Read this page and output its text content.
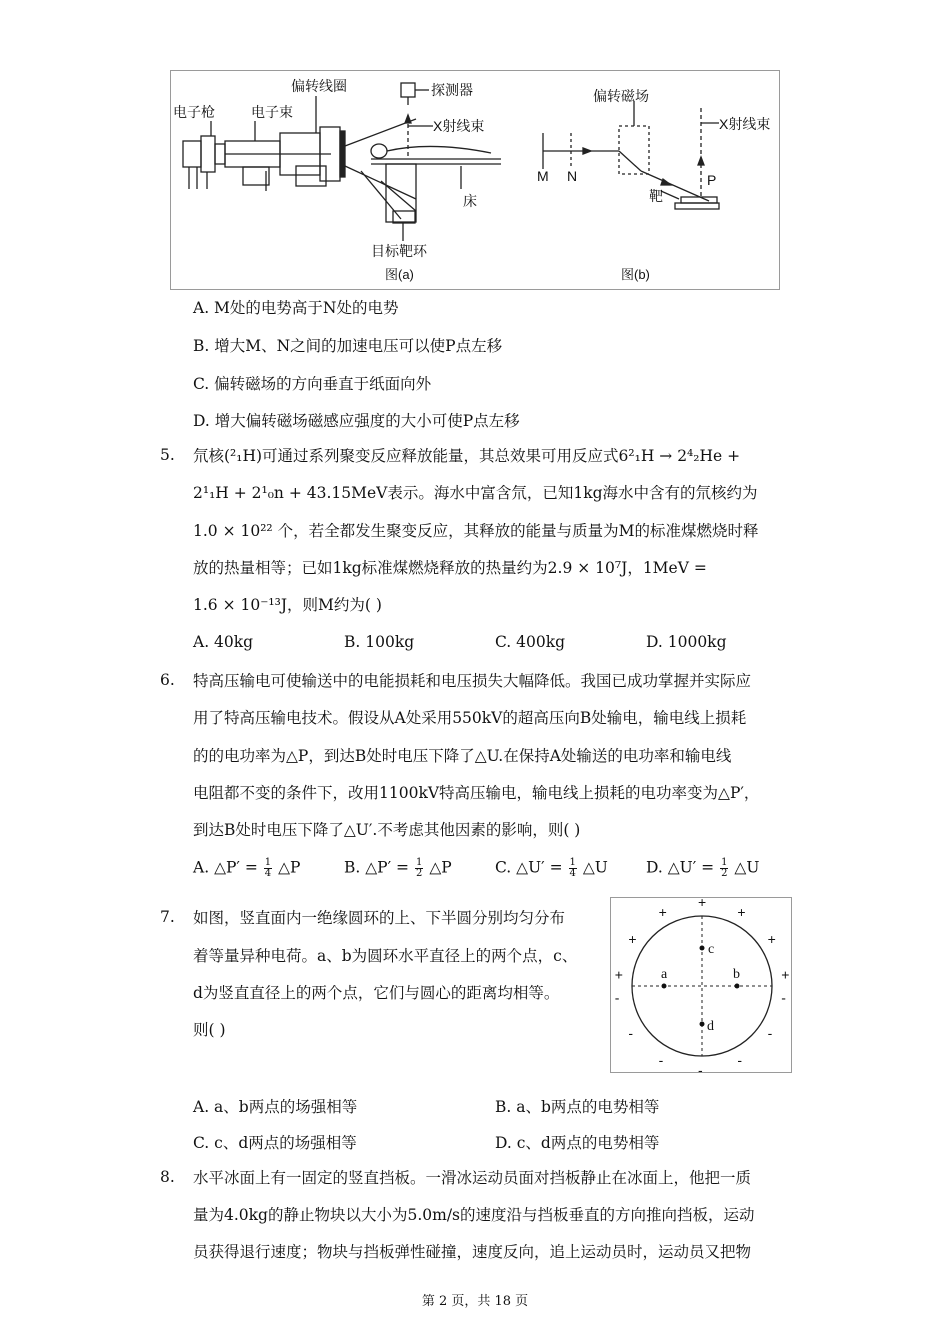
电子枪	电子束
偏转线圈	探测器
X射线束
床
目标靶环
图(a)
偏转磁场
X射线束
M N
靶
P
图(b)
A. M处的电势高于N处的电势
B. 增大M、N之间的加速电压可以使P点左移
C. 偏转磁场的方向垂直于纸面向外
D. 增大偏转磁场磁感应强度的大小可使P点左移
5. 氘核(²₁H)可通过系列聚变反应释放能量，其总效果可用反应式6²₁H → 2⁴₂He +
2¹₁H + 2¹₀n + 43.15MeV表示。海水中富含氘，已知1kg海水中含有的氘核约为
1.0 × 10²² 个，若全都发生聚变反应，其释放的能量与质量为M的标准煤燃烧时释
放的热量相等；已如1kg标准煤燃烧释放的热量约为2.9 × 10⁷J，1MeV =
1.6 × 10⁻¹³J，则M约为( )
A. 40kg	B. 100kg	C. 400kg	D. 1000kg
6. 特高压输电可使输送中的电能损耗和电压损失大幅降低。我国已成功掌握并实际应
用了特高压输电技术。假设从A处采用550kV的超高压向B处输电，输电线上损耗
的的电功率为△P，到达B处时电压下降了△U.在保持A处输送的电功率和输电线
电阻都不变的条件下，改用1100kV特高压输电，输电线上损耗的电功率变为△P′，
到达B处时电压下降了△U′.不考虑其他因素的影响，则( )
A. △P′ = $\frac{1}{4}$ △P	B. △P′ = $\frac{1}{2}$ △P	C. △U′ = $\frac{1}{4}$ △U D. △U′ = $\frac{1}{2}$ △U
7. 如图，竖直面内一绝缘圆环的上、下半圆分别均匀分布
着等量异种电荷。a、b为圆环水平直径上的两个点，c、
d为竖直直径上的两个点，它们与圆心的距离均相等。
则( )
a	b
c
d
+
+
+
+
-
-
-
-
-
-
-
+
+
+
A. a、b两点的场强相等	B. a、b两点的电势相等
C. c、d两点的场强相等	D. c、d两点的电势相等
8. 水平冰面上有一固定的竖直挡板。一滑冰运动员面对挡板静止在冰面上，他把一质
量为4.0kg的静止物块以大小为5.0m/s的速度沿与挡板垂直的方向推向挡板，运动
员获得退行速度；物块与挡板弹性碰撞，速度反向，追上运动员时，运动员又把物
第 2 页，共 18 页
